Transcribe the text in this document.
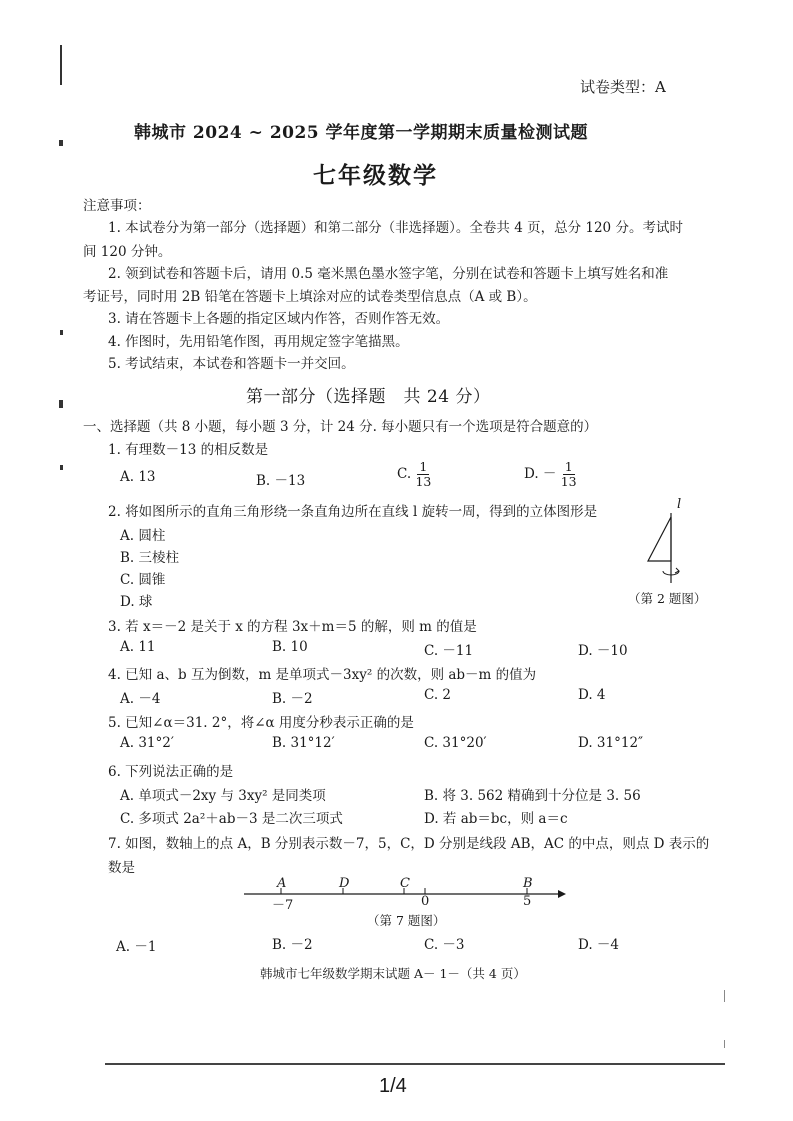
试卷类型：A
韩城市 2024 ~ 2025 学年度第一学期期末质量检测试题
七年级数学
注意事项：
1. 本试卷分为第一部分（选择题）和第二部分（非选择题）。全卷共 4 页，总分 120 分。考试时
间 120 分钟。
2. 领到试卷和答题卡后，请用 0.5 毫米黑色墨水签字笔，分别在试卷和答题卡上填写姓名和准
考证号，同时用 2B 铅笔在答题卡上填涂对应的试卷类型信息点（A 或 B）。
3. 请在答题卡上各题的指定区域内作答，否则作答无效。
4. 作图时，先用铅笔作图，再用规定签字笔描黑。
5. 考试结束，本试卷和答题卡一并交回。
第一部分（选择题　共 24 分）
一、选择题（共 8 小题，每小题 3 分，计 24 分. 每小题只有一个选项是符合题意的）
1. 有理数－13 的相反数是
A. 13	B. －13	C. $\frac{1}{13}$	D. － $\frac{1}{13}$
2. 将如图所示的直角三角形绕一条直角边所在直线 l 旋转一周，得到的立体图形是
A. 圆柱
B. 三棱柱
C. 圆锥
D. 球
l
（第 2 题图）
3. 若 x＝－2 是关于 x 的方程 3x＋m＝5 的解，则 m 的值是
A. 11	B. 10	C. －11	D. －10
4. 已知 a、b 互为倒数，m 是单项式－3xy² 的次数，则 ab－m 的值为
A. －4	B. －2	C. 2	D. 4
5. 已知∠α＝31. 2°，将∠α 用度分秒表示正确的是
A. 31°2′	B. 31°12′	C. 31°20′	D. 31°12″
6. 下列说法正确的是
A. 单项式－2xy 与 3xy² 是同类项	B. 将 3. 562 精确到十分位是 3. 56
C. 多项式 2a²＋ab－3 是二次三项式	D. 若 ab＝bc，则 a＝c
7. 如图，数轴上的点 A，B 分别表示数－7，5，C，D 分别是线段 AB，AC 的中点，则点 D 表示的
数是
A	D	C	B
－7	0	5
（第 7 题图）
A. －1	B. －2	C. －3	D. －4
韩城市七年级数学期末试题 A－ 1－（共 4 页）
1/4
